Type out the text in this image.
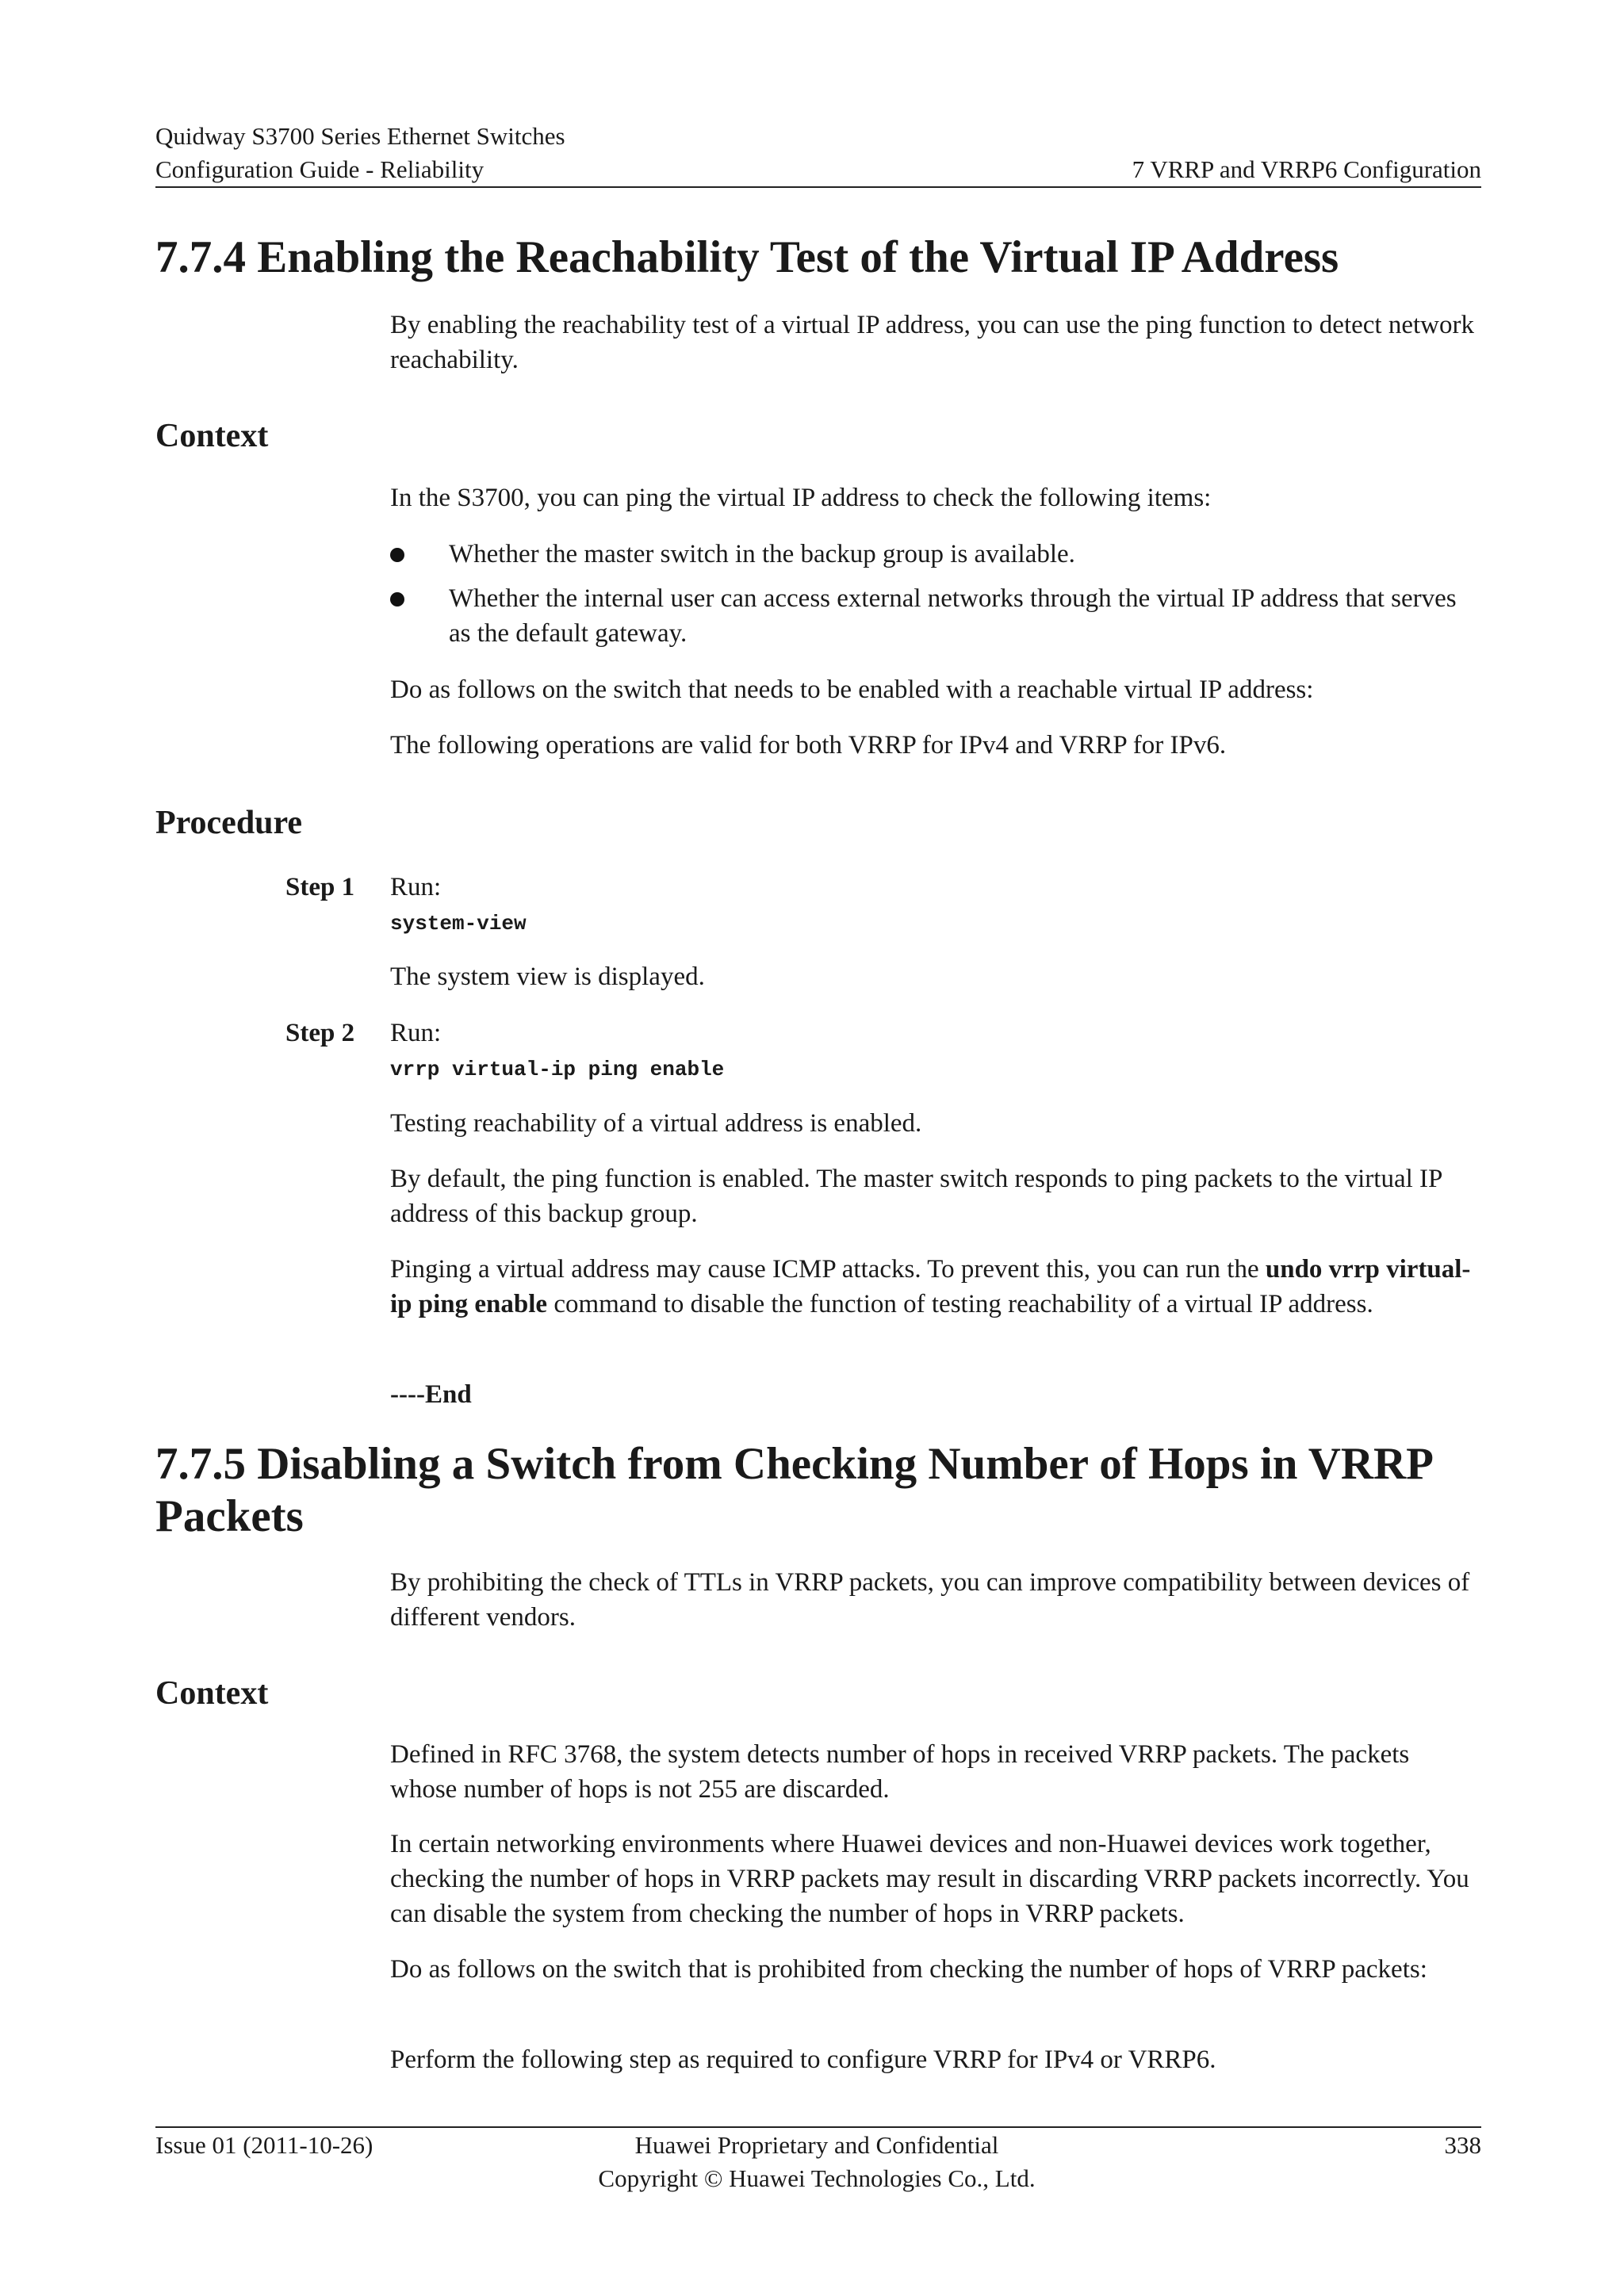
Quidway S3700 Series Ethernet Switches
Configuration Guide - Reliability	7 VRRP and VRRP6 Configuration
7.7.4 Enabling the Reachability Test of the Virtual IP Address

By enabling the reachability test of a virtual IP address, you can use the ping function to detect network reachability.

Context

In the S3700, you can ping the virtual IP address to check the following items:

Whether the master switch in the backup group is available.
Whether the internal user can access external networks through the virtual IP address that serves as the default gateway.

Do as follows on the switch that needs to be enabled with a reachable virtual IP address:

The following operations are valid for both VRRP for IPv4 and VRRP for IPv6.

Procedure
Step 1 Run:

system-view

The system view is displayed.

Step 2 Run:

vrrp virtual-ip ping enable

Testing reachability of a virtual address is enabled.

By default, the ping function is enabled. The master switch responds to ping packets to the virtual IP address of this backup group.

Pinging a virtual address may cause ICMP attacks. To prevent this, you can run the undo vrrp virtual-ip ping enable command to disable the function of testing reachability of a virtual IP address.

----End

7.7.5 Disabling a Switch from Checking Number of Hops in VRRP Packets

By prohibiting the check of TTLs in VRRP packets, you can improve compatibility between devices of different vendors.

Context

Defined in RFC 3768, the system detects number of hops in received VRRP packets. The packets whose number of hops is not 255 are discarded.

In certain networking environments where Huawei devices and non-Huawei devices work together, checking the number of hops in VRRP packets may result in discarding VRRP packets incorrectly. You can disable the system from checking the number of hops in VRRP packets.

Do as follows on the switch that is prohibited from checking the number of hops of VRRP packets:

Perform the following step as required to configure VRRP for IPv4 or VRRP6.

Issue 01 (2011-10-26)	Huawei Proprietary and Confidential
Copyright © Huawei Technologies Co., Ltd.
338
